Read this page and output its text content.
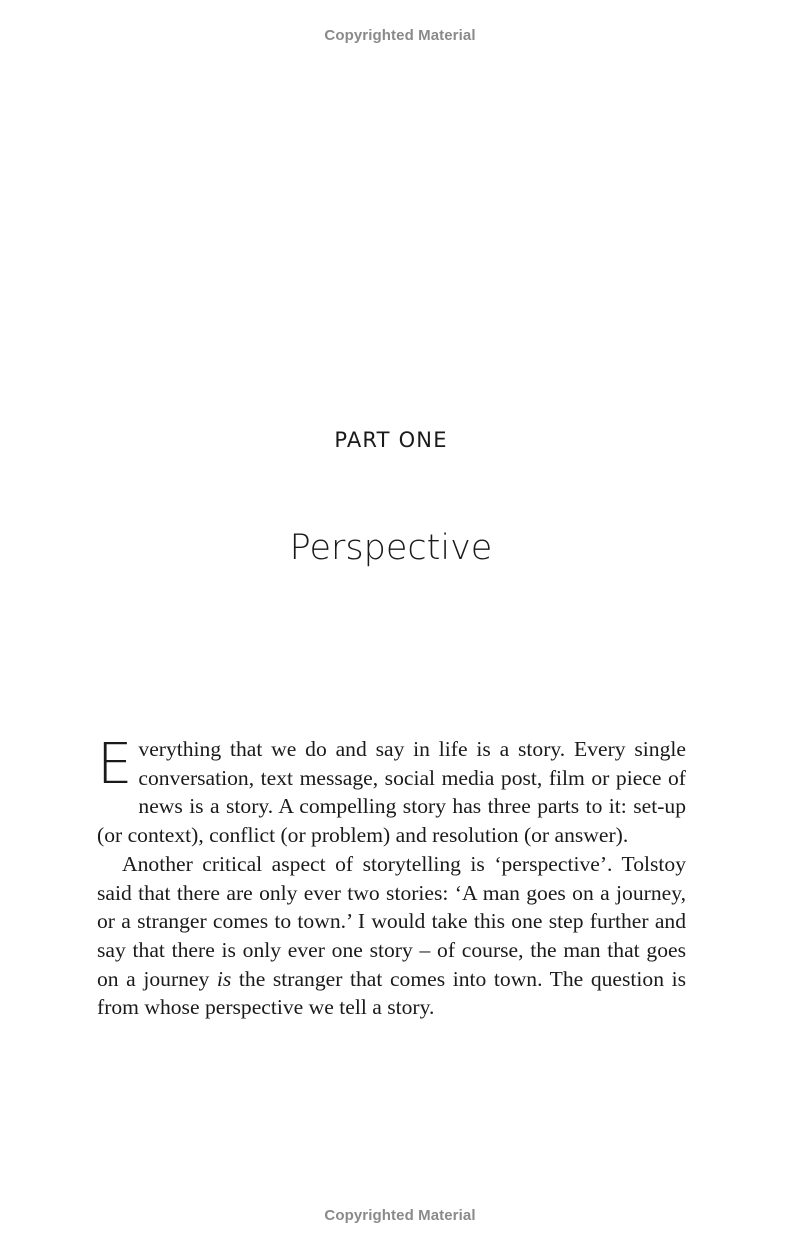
Copyrighted Material
PART ONE
Perspective

Everything that we do and say in life is a story. Every single conversation, text message, social media post, film or piece of news is a story. A compelling story has three parts to it: set-up (or context), conflict (or problem) and resolution (or answer).

Another critical aspect of storytelling is ‘perspective’. Tolstoy said that there are only ever two stories: ‘A man goes on a journey, or a stranger comes to town.’ I would take this one step further and say that there is only ever one story – of course, the man that goes on a journey is the stranger that comes into town. The question is from whose perspective we tell a story.

Copyrighted Material
